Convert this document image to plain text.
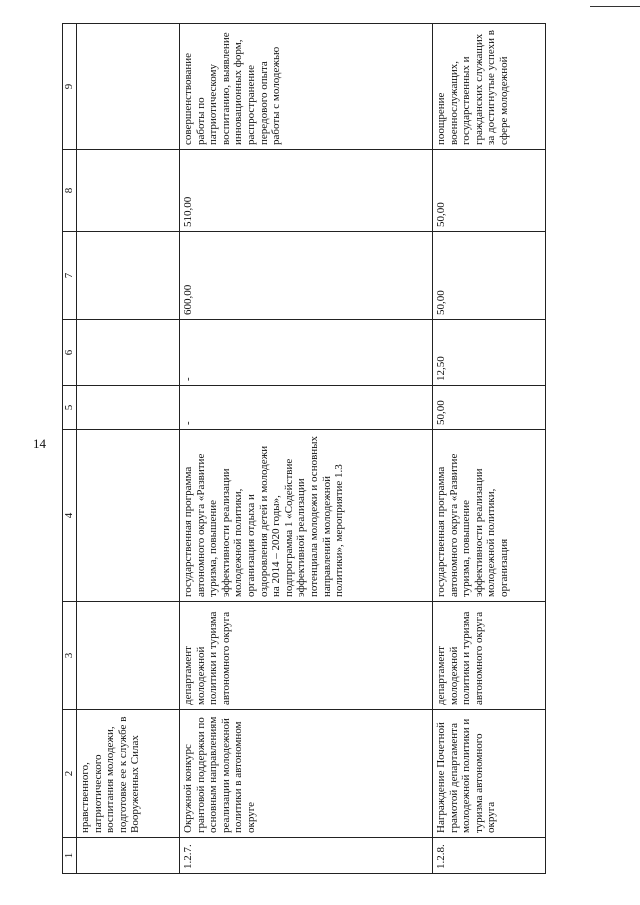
14
1	2	3	4	5	6	7	8	9
	нравственного, патриотического воспитания молодежи, подготовке ее к службе в Вооруженных Силах							
1.2.7.	Окружной конкурс грантовой поддержки по основным направлениям реализации молодежной политики в автономном округе	департамент молодежной политики и туризма автономного округа	государственная программа автономного округа «Развитие туризма, повышение эффективности реализации молодежной политики, организация отдыха и оздоровления детей и молодежи на 2014 – 2020 годы», подпрограмма 1 «Содействие эффективной реализации потенциала молодежи и основных направлений молодежной политики», мероприятие 1.3	-	-	600,00	510,00	совершенствование работы по патриотическому воспитанию, выявление инновационных форм, распространение передового опыта работы с молодежью
1.2.8.	Награждение Почетной грамотой департамента молодежной политики и туризма автономного округа	департамент молодежной политики и туризма автономного округа	государственная программа автономного округа «Развитие туризма, повышение эффективности реализации молодежной политики, организация	50,00	12,50	50,00	50,00	поощрение военнослужащих, государственных и гражданских служащих за достигнутые успехи в сфере молодежной
